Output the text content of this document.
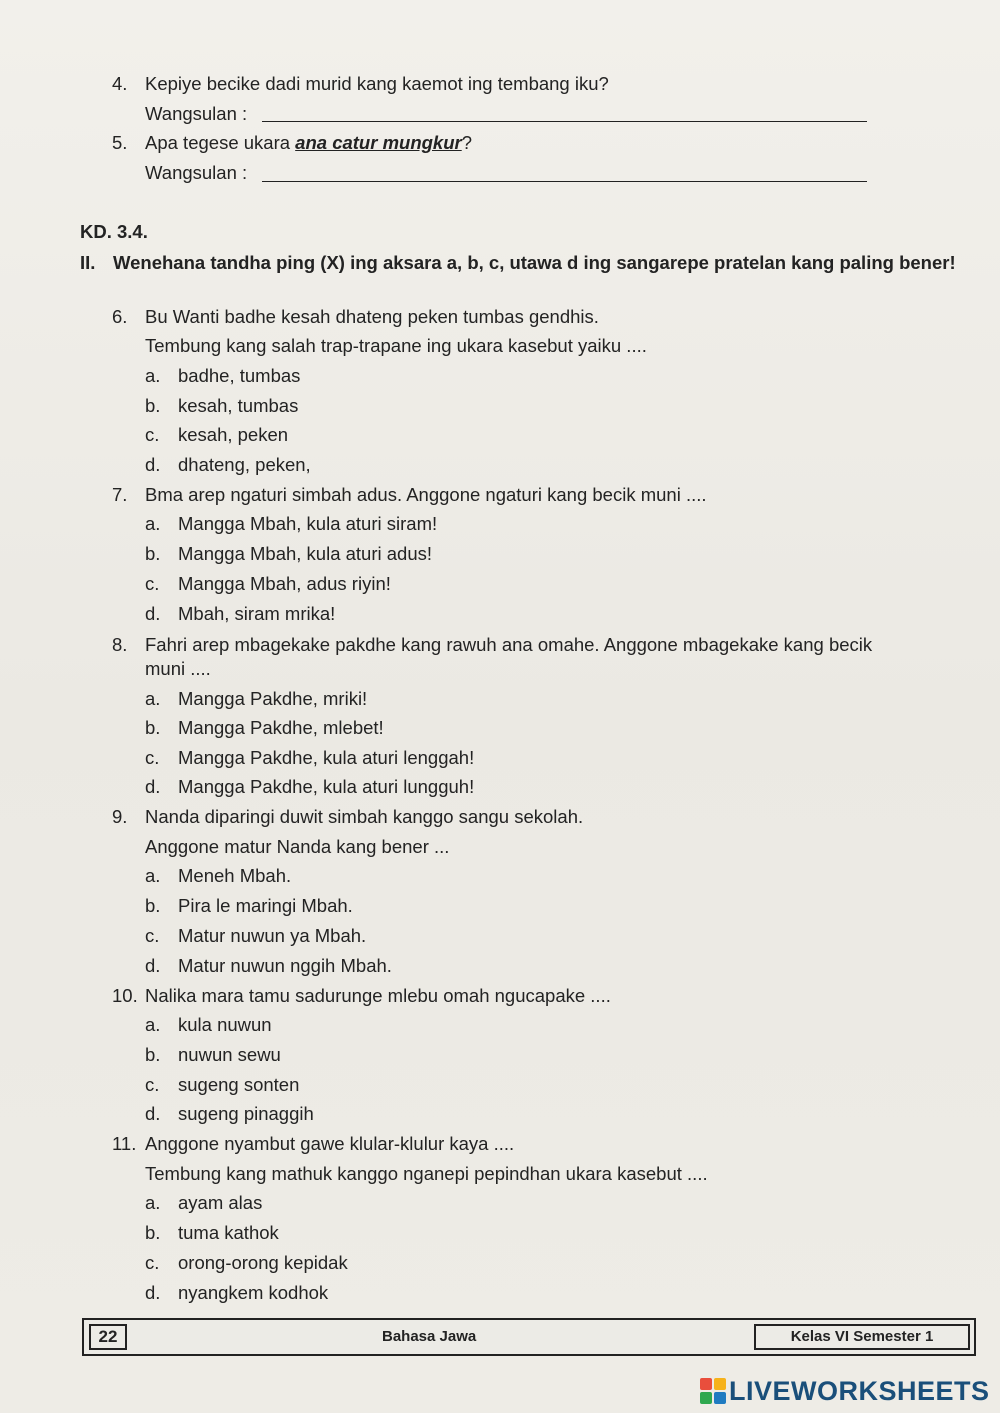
4. Kepiye becike dadi murid kang kaemot ing tembang iku?
Wangsulan :
5. Apa tegese ukara ana catur mungkur?
Wangsulan :
KD. 3.4.
II. Wenehana tandha ping (X) ing aksara a, b, c, utawa d ing sangarepe pratelan kang paling bener!
6. Bu Wanti badhe kesah dhateng peken tumbas gendhis.
Tembung kang salah trap-trapane ing ukara kasebut yaiku ....
a. badhe, tumbas
b. kesah, tumbas
c. kesah, peken
d. dhateng, peken,
7. Bma arep ngaturi simbah adus. Anggone ngaturi kang becik muni ....
a. Mangga Mbah, kula aturi siram!
b. Mangga Mbah, kula aturi adus!
c. Mangga Mbah, adus riyin!
d. Mbah, siram mrika!
8. Fahri arep mbagekake pakdhe kang rawuh ana omahe. Anggone mbagekake kang becik
muni ....
a. Mangga Pakdhe, mriki!
b. Mangga Pakdhe, mlebet!
c. Mangga Pakdhe, kula aturi lenggah!
d. Mangga Pakdhe, kula aturi lungguh!
9. Nanda diparingi duwit simbah kanggo sangu sekolah.
Anggone matur Nanda kang bener ...
a. Meneh Mbah.
b. Pira le maringi Mbah.
c. Matur nuwun ya Mbah.
d. Matur nuwun nggih Mbah.
10. Nalika mara tamu sadurunge mlebu omah ngucapake ....
a. kula nuwun
b. nuwun sewu
c. sugeng sonten
d. sugeng pinaggih
11. Anggone nyambut gawe klular-klulur kaya ....
Tembung kang mathuk kanggo nganepi pepindhan ukara kasebut ....
a. ayam alas
b. tuma kathok
c. orong-orong kepidak
d. nyangkem kodhok
22	Bahasa Jawa	Kelas VI Semester 1
LIVEWORKSHEETS
